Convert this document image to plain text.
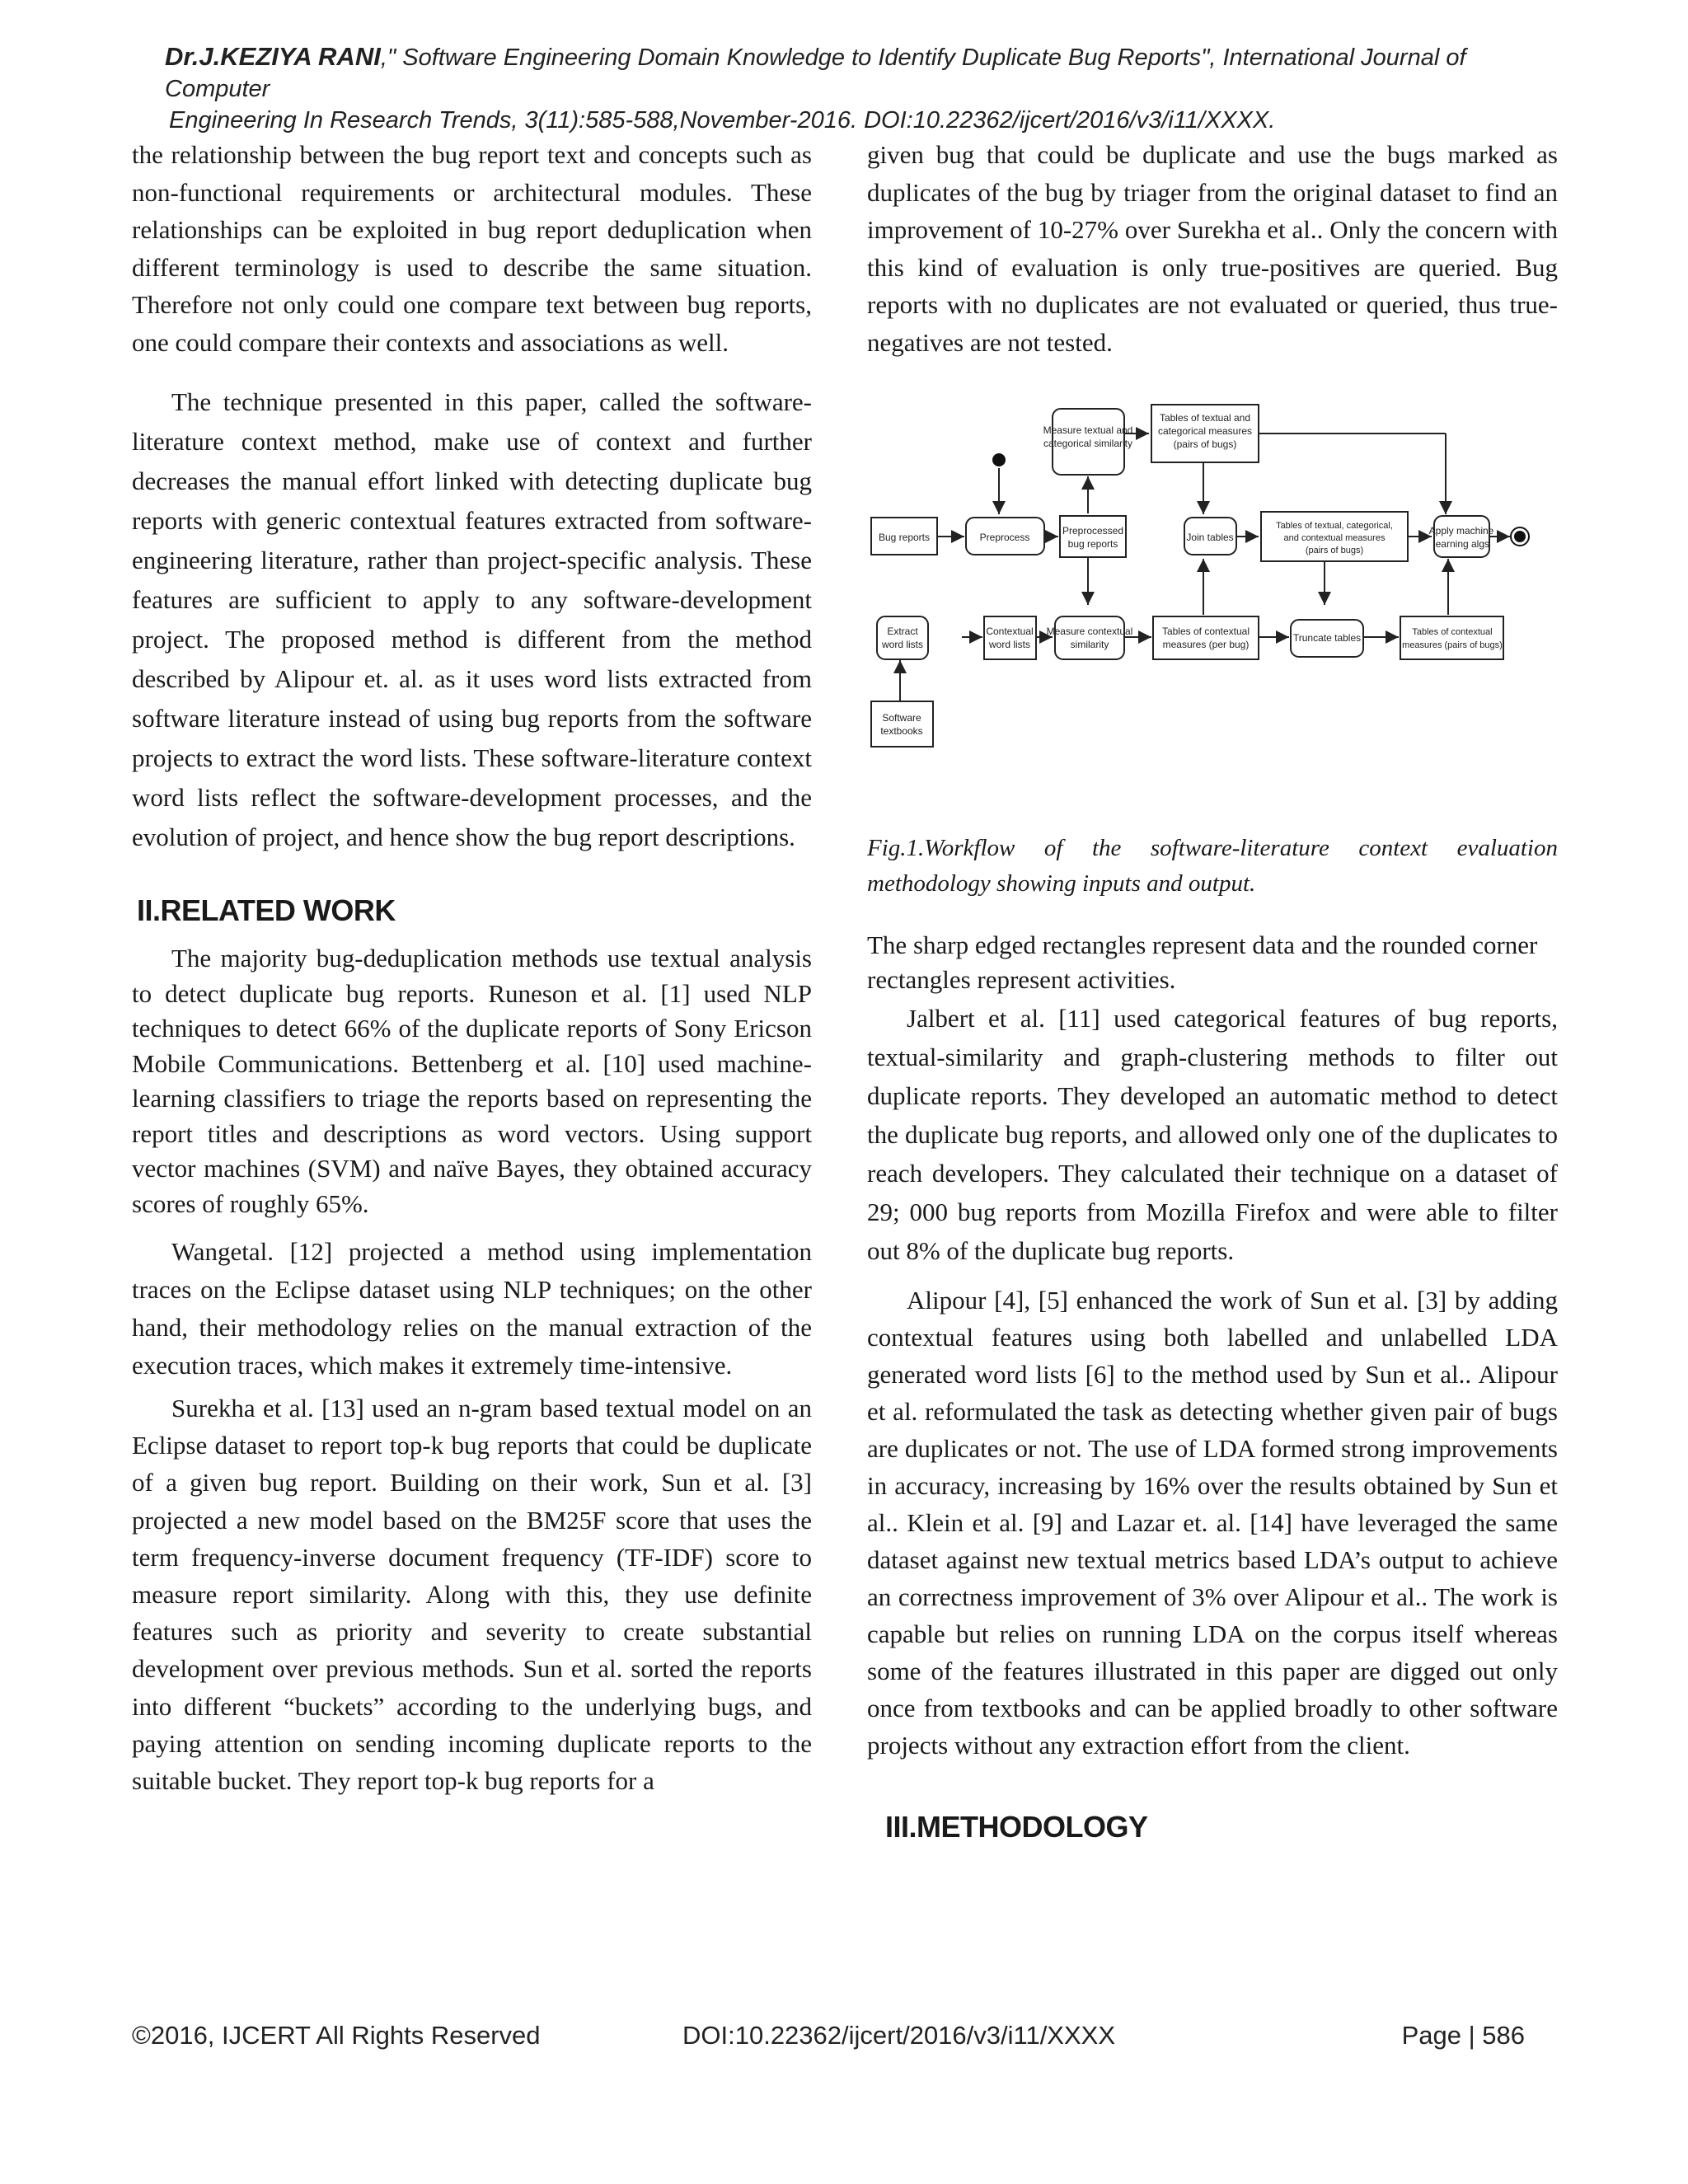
Dr.J.KEZIYA RANI," Software Engineering Domain Knowledge to Identify Duplicate Bug Reports", International Journal of Computer
Engineering In Research Trends, 3(11):585-588,November-2016. DOI:10.22362/ijcert/2016/v3/i11/XXXX.

the relationship between the bug report text and concepts such as non-functional requirements or architectural modules. These relationships can be exploited in bug report deduplication when different terminology is used to describe the same situation. Therefore not only could one compare text between bug reports, one could compare their contexts and associations as well.

The technique presented in this paper, called the software-literature context method, make use of context and further decreases the manual effort linked with detecting duplicate bug reports with generic contextual features extracted from software-engineering literature, rather than project-specific analysis. These features are sufficient to apply to any software-development project. The proposed method is different from the method described by Alipour et. al. as it uses word lists extracted from software literature instead of using bug reports from the software projects to extract the word lists. These software-literature context word lists reflect the software-development processes, and the evolution of project, and hence show the bug report descriptions.

II.RELATED WORK

The majority bug-deduplication methods use textual analysis to detect duplicate bug reports. Runeson et al. [1] used NLP techniques to detect 66% of the duplicate reports of Sony Ericson Mobile Communications. Bettenberg et al. [10] used machine-learning classifiers to triage the reports based on representing the report titles and descriptions as word vectors. Using support vector machines (SVM) and naïve Bayes, they obtained accuracy scores of roughly 65%.

Wangetal. [12] projected a method using implementation traces on the Eclipse dataset using NLP techniques; on the other hand, their methodology relies on the manual extraction of the execution traces, which makes it extremely time-intensive.

Surekha et al. [13] used an n-gram based textual model on an Eclipse dataset to report top-k bug reports that could be duplicate of a given bug report. Building on their work, Sun et al. [3] projected a new model based on the BM25F score that uses the term frequency-inverse document frequency (TF-IDF) score to measure report similarity. Along with this, they use definite features such as priority and severity to create substantial development over previous methods. Sun et al. sorted the reports into different “buckets” according to the underlying bugs, and paying attention on sending incoming duplicate reports to the suitable bucket. They report top-k bug reports for a

given bug that could be duplicate and use the bugs marked as duplicates of the bug by triager from the original dataset to find an improvement of 10-27% over Surekha et al.. Only the concern with this kind of evaluation is only true-positives are queried. Bug reports with no duplicates are not evaluated or queried, thus true-negatives are not tested.

Measure textual and categorical similarity
Tables of textual and categorical measures (pairs of bugs)
Bug reports	Preprocess
Preprocessed bug reports
Join tables
Tables of textual, categorical, and contextual measures (pairs of bugs)
Apply machine learning algs
Extract word lists
Contextual word lists
Measure contextual similarity
Tables of contextual measures (per bug)
Truncate tables	Tables of contextual measures (pairs of bugs)
Software textbooks

Fig.1.Workflow of the software-literature context evaluation methodology showing inputs and output.

The sharp edged rectangles represent data and the rounded corner rectangles represent activities.

Jalbert et al. [11] used categorical features of bug reports, textual-similarity and graph-clustering methods to filter out duplicate reports. They developed an automatic method to detect the duplicate bug reports, and allowed only one of the duplicates to reach developers. They calculated their technique on a dataset of 29; 000 bug reports from Mozilla Firefox and were able to filter out 8% of the duplicate bug reports.

Alipour [4], [5] enhanced the work of Sun et al. [3] by adding contextual features using both labelled and unlabelled LDA generated word lists [6] to the method used by Sun et al.. Alipour et al. reformulated the task as detecting whether given pair of bugs are duplicates or not. The use of LDA formed strong improvements in accuracy, increasing by 16% over the results obtained by Sun et al.. Klein et al. [9] and Lazar et. al. [14] have leveraged the same dataset against new textual metrics based LDA’s output to achieve an correctness improvement of 3% over Alipour et al.. The work is capable but relies on running LDA on the corpus itself whereas some of the features illustrated in this paper are digged out only once from textbooks and can be applied broadly to other software projects without any extraction effort from the client.

III.METHODOLOGY
©2016, IJCERT All Rights Reserved	DOI:10.22362/ijcert/2016/v3/i11/XXXX	Page | 586
